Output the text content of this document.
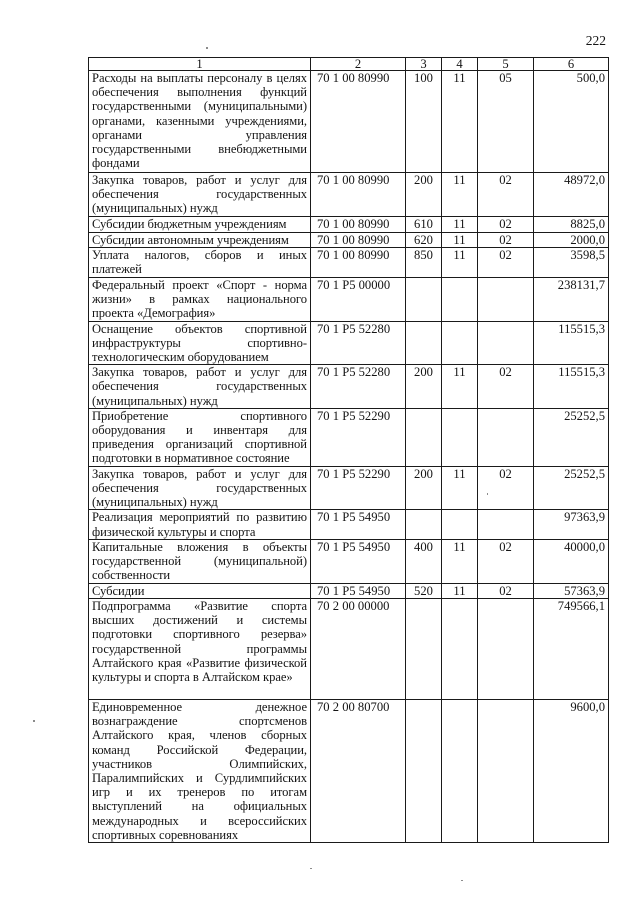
222
1	2	3	4	5	6
Расходы на выплаты персоналу в целях обеспечения выполнения функций государственными (муниципальными) органами, казенными учреждениями, органами управления государственными внебюджетными фондами	70 1 00 80990	100	11	05	500,0
Закупка товаров, работ и услуг для обеспечения государственных (муниципальных) нужд	70 1 00 80990	200	11	02	48972,0
Субсидии бюджетным учреждениям	70 1 00 80990	610	11	02	8825,0
Субсидии автономным учреждениям	70 1 00 80990	620	11	02	2000,0
Уплата налогов, сборов и иных платежей	70 1 00 80990	850	11	02	3598,5
Федеральный проект «Спорт - норма жизни» в рамках национального проекта «Демография»	70 1 P5 00000				238131,7
Оснащение объектов спортивной инфраструктуры спортивно-технологическим оборудованием	70 1 P5 52280				115515,3
Закупка товаров, работ и услуг для обеспечения государственных (муниципальных) нужд	70 1 P5 52280	200	11	02	115515,3
Приобретение спортивного оборудования и инвентаря для приведения организаций спортивной подготовки в нормативное состояние	70 1 P5 52290				25252,5
Закупка товаров, работ и услуг для обеспечения государственных (муниципальных) нужд	70 1 P5 52290	200	11	02	25252,5
Реализация мероприятий по развитию физической культуры и спорта	70 1 P5 54950				97363,9
Капитальные вложения в объекты государственной (муниципальной) собственности	70 1 P5 54950	400	11	02	40000,0
Субсидии	70 1 P5 54950	520	11	02	57363,9
Подпрограмма «Развитие спорта высших достижений и системы подготовки спортивного резерва» государственной программы Алтайского края «Развитие физической культуры и спорта в Алтайском крае»	70 2 00 00000				749566,1
Единовременное денежное вознаграждение спортсменов Алтайского края, членов сборных команд Российской Федерации, участников Олимпийских, Паралимпийских и Сурдлимпийских игр и их тренеров по итогам выступлений на официальных международных и всероссийских спортивных соревнованиях	70 2 00 80700				9600,0
